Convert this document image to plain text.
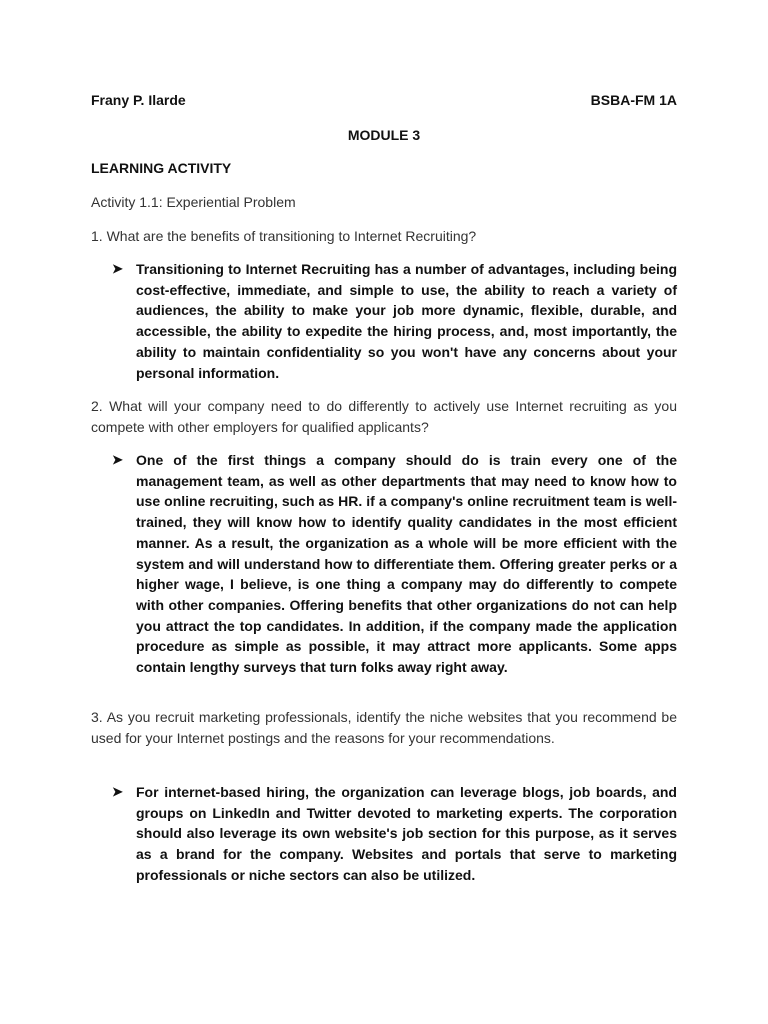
Frany P. Ilarde	BSBA-FM 1A
MODULE 3
LEARNING ACTIVITY
Activity 1.1: Experiential Problem
1. What are the benefits of transitioning to Internet Recruiting?
➤ Transitioning to Internet Recruiting has a number of advantages, including being cost-effective, immediate, and simple to use, the ability to reach a variety of audiences, the ability to make your job more dynamic, flexible, durable, and accessible, the ability to expedite the hiring process, and, most importantly, the ability to maintain confidentiality so you won't have any concerns about your personal information.
2. What will your company need to do differently to actively use Internet recruiting as you compete with other employers for qualified applicants?
➤ One of the first things a company should do is train every one of the management team, as well as other departments that may need to know how to use online recruiting, such as HR. if a company's online recruitment team is well-trained, they will know how to identify quality candidates in the most efficient manner. As a result, the organization as a whole will be more efficient with the system and will understand how to differentiate them. Offering greater perks or a higher wage, I believe, is one thing a company may do differently to compete with other companies. Offering benefits that other organizations do not can help you attract the top candidates. In addition, if the company made the application procedure as simple as possible, it may attract more applicants. Some apps contain lengthy surveys that turn folks away right away.
3. As you recruit marketing professionals, identify the niche websites that you recommend be used for your Internet postings and the reasons for your recommendations.
➤ For internet-based hiring, the organization can leverage blogs, job boards, and groups on LinkedIn and Twitter devoted to marketing experts. The corporation should also leverage its own website's job section for this purpose, as it serves as a brand for the company. Websites and portals that serve to marketing professionals or niche sectors can also be utilized.
